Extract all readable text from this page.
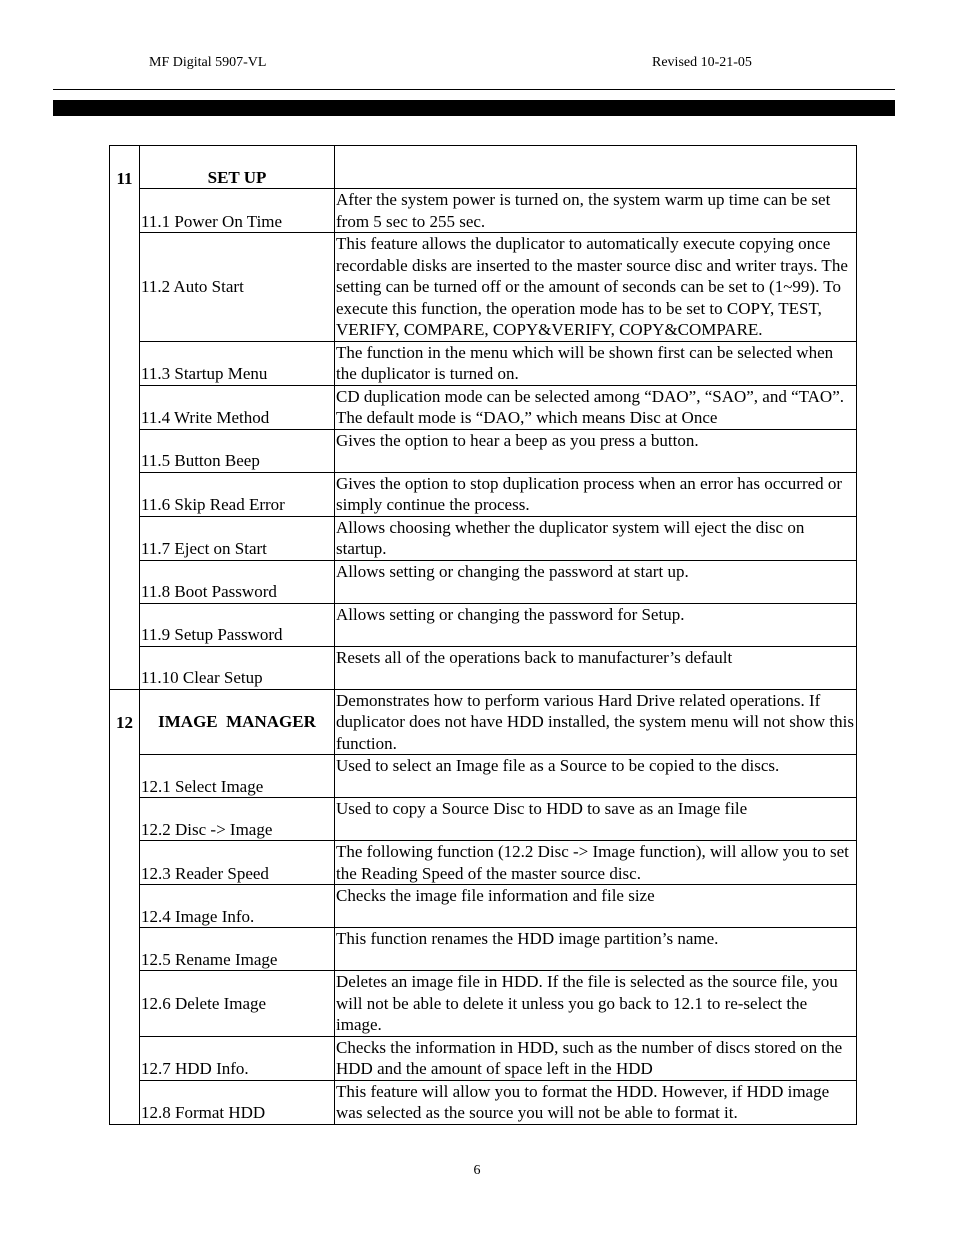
MF Digital 5907-VL	Revised 10-21-05
11	SET UP	
	11.1 Power On Time	After the system power is turned on, the system warm up time can be set from 5 sec to 255 sec.
	11.2 Auto Start	This feature allows the duplicator to automatically execute copying once recordable disks are inserted to the master source disc and writer trays. The setting can be turned off or the amount of seconds can be set to (1~99). To execute this function, the operation mode has to be set to COPY, TEST, VERIFY, COMPARE, COPY&VERIFY, COPY&COMPARE.
	11.3 Startup Menu	The function in the menu which will be shown first can be selected when the duplicator is turned on.
	11.4 Write Method	CD duplication mode can be selected among “DAO”, “SAO”, and “TAO”. The default mode is “DAO,” which means Disc at Once
	11.5 Button Beep	Gives the option to hear a beep as you press a button.
	11.6 Skip Read Error	Gives the option to stop duplication process when an error has occurred or simply continue the process.
	11.7 Eject on Start	Allows choosing whether the duplicator system will eject the disc on startup.
	11.8 Boot Password	Allows setting or changing the password at start up.
	11.9 Setup Password	Allows setting or changing the password for Setup.
	11.10 Clear Setup	Resets all of the operations back to manufacturer’s default

12	IMAGE  MANAGER	Demonstrates how to perform various Hard Drive related operations. If duplicator does not have HDD installed, the system menu will not show this function.
	12.1 Select Image	Used to select an Image file as a Source to be copied to the discs.
	12.2 Disc -> Image	Used to copy a Source Disc to HDD to save as an Image file
	12.3 Reader Speed	The following function (12.2 Disc -> Image function), will allow you to set the Reading Speed of the master source disc.
	12.4 Image Info.	Checks the image file information and file size
	12.5 Rename Image	This function renames the HDD image partition’s name.
	12.6 Delete Image	Deletes an image file in HDD. If the file is selected as the source file, you will not be able to delete it unless you go back to 12.1 to re-select the image.
	12.7 HDD Info.	Checks the information in HDD, such as the number of discs stored on the HDD and the amount of space left in the HDD
	12.8 Format HDD	This feature will allow you to format the HDD. However, if HDD image was selected as the source you will not be able to format it.
6
